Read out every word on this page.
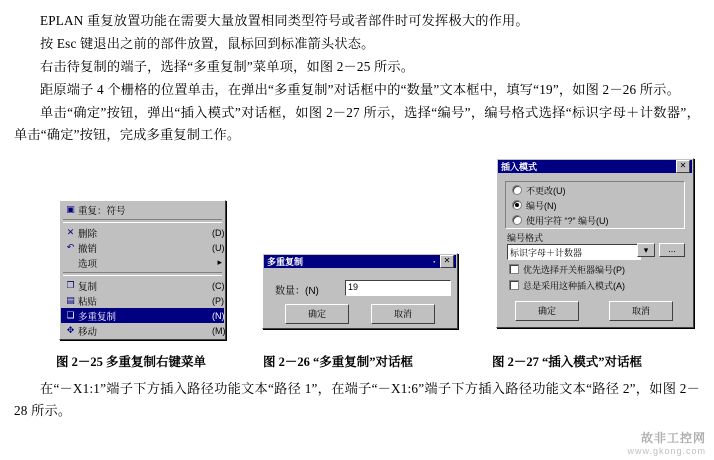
EPLAN 重复放置功能在需要大量放置相同类型符号或者部件时可发挥极大的作用。

按 Esc 键退出之前的部件放置，鼠标回到标准箭头状态。

右击待复制的端子，选择“多重复制”菜单项，如图 2－25 所示。

距原端子 4 个栅格的位置单击，在弹出“多重复制”对话框中的“数量”文本框中，填写“19”，如图 2－26 所示。

单击“确定”按钮，弹出“插入模式”对话框，如图 2－27 所示，选择“编号”，编号格式选择“标识字母＋计数器”，单击“确定”按钮，完成多重复制工作。

▣ 重复：符号
✕ 删除	(D)
↶ 撤销	(U)
选项	▸
❐ 复制	(C)
▤ 粘贴	(P)
❏ 多重复制	(N)
✥ 移动	(M)
多重复制	· ✕
数量：(N)	19
确定	取消
插入模式	✕
不更改(U)
编号(N)
使用字符 “?” 编号(U)
编号格式
标识字母＋计数器	▾	...
优先选择开关柜器编号(P)
总是采用这种插入模式(A)
确定	取消
图 2－25 多重复制右键菜单	图 2－26 “多重复制”对话框	图 2－27 “插入模式”对话框

在“－X1:1”端子下方插入路径功能文本“路径 1”，在端子“－X1:6”端子下方插入路径功能文本“路径 2”，如图 2－28 所示。

故非工控网
www.gkong.com
